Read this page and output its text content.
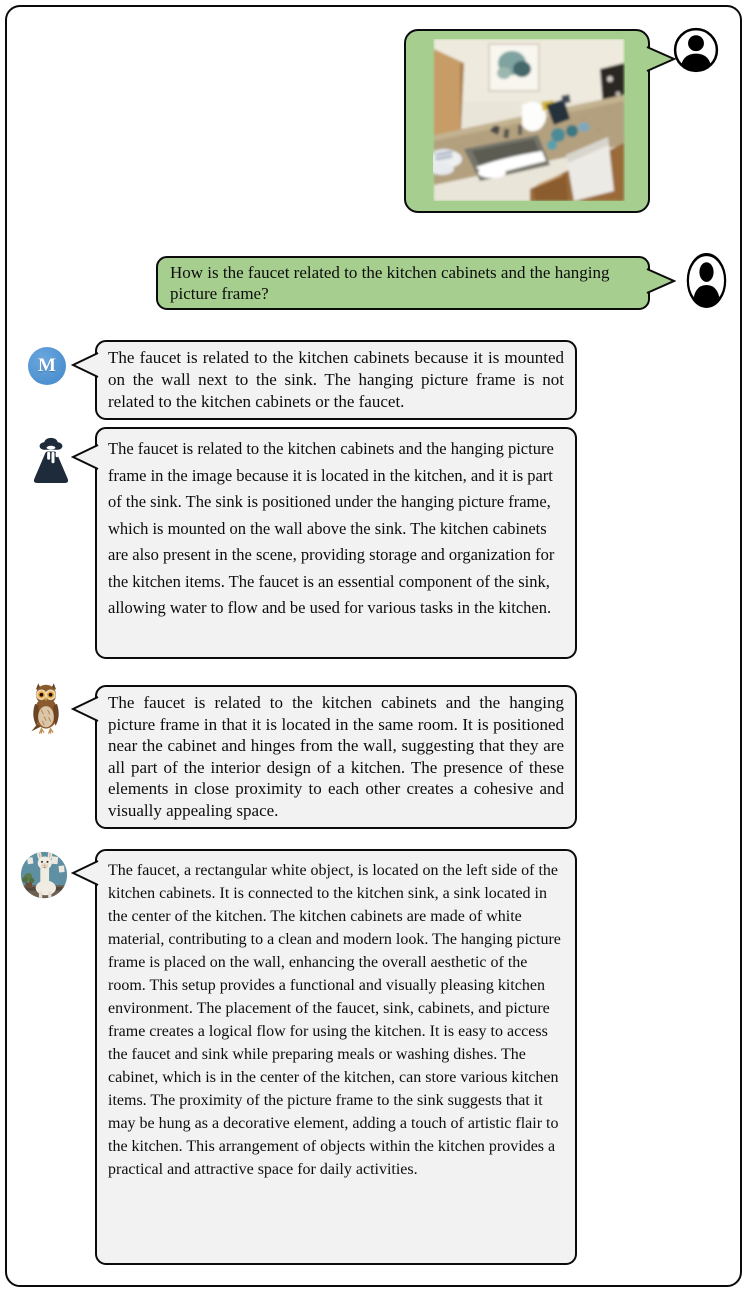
How is the faucet related to the kitchen cabinets and the hanging picture frame?
M	The faucet is related to the kitchen cabinets because it is mounted on the wall next to the sink. The hanging picture frame is not related to the kitchen cabinets or the faucet.
The faucet is related to the kitchen cabinets and the hanging picture frame in the image because it is located in the kitchen, and it is part of the sink. The sink is positioned under the hanging picture frame, which is mounted on the wall above the sink. The kitchen cabinets are also present in the scene, providing storage and organization for the kitchen items. The faucet is an essential component of the sink, allowing water to flow and be used for various tasks in the kitchen.
The faucet is related to the kitchen cabinets and the hanging picture frame in that it is located in the same room. It is positioned near the cabinet and hinges from the wall, suggesting that they are all part of the interior design of a kitchen. The presence of these elements in close proximity to each other creates a cohesive and visually appealing space.
The faucet, a rectangular white object, is located on the left side of the kitchen cabinets. It is connected to the kitchen sink, a sink located in the center of the kitchen. The kitchen cabinets are made of white material, contributing to a clean and modern look. The hanging picture frame is placed on the wall, enhancing the overall aesthetic of the room. This setup provides a functional and visually pleasing kitchen environment. The placement of the faucet, sink, cabinets, and picture frame creates a logical flow for using the kitchen. It is easy to access the faucet and sink while preparing meals or washing dishes. The cabinet, which is in the center of the kitchen, can store various kitchen items. The proximity of the picture frame to the sink suggests that it may be hung as a decorative element, adding a touch of artistic flair to the kitchen. This arrangement of objects within the kitchen provides a practical and attractive space for daily activities.
